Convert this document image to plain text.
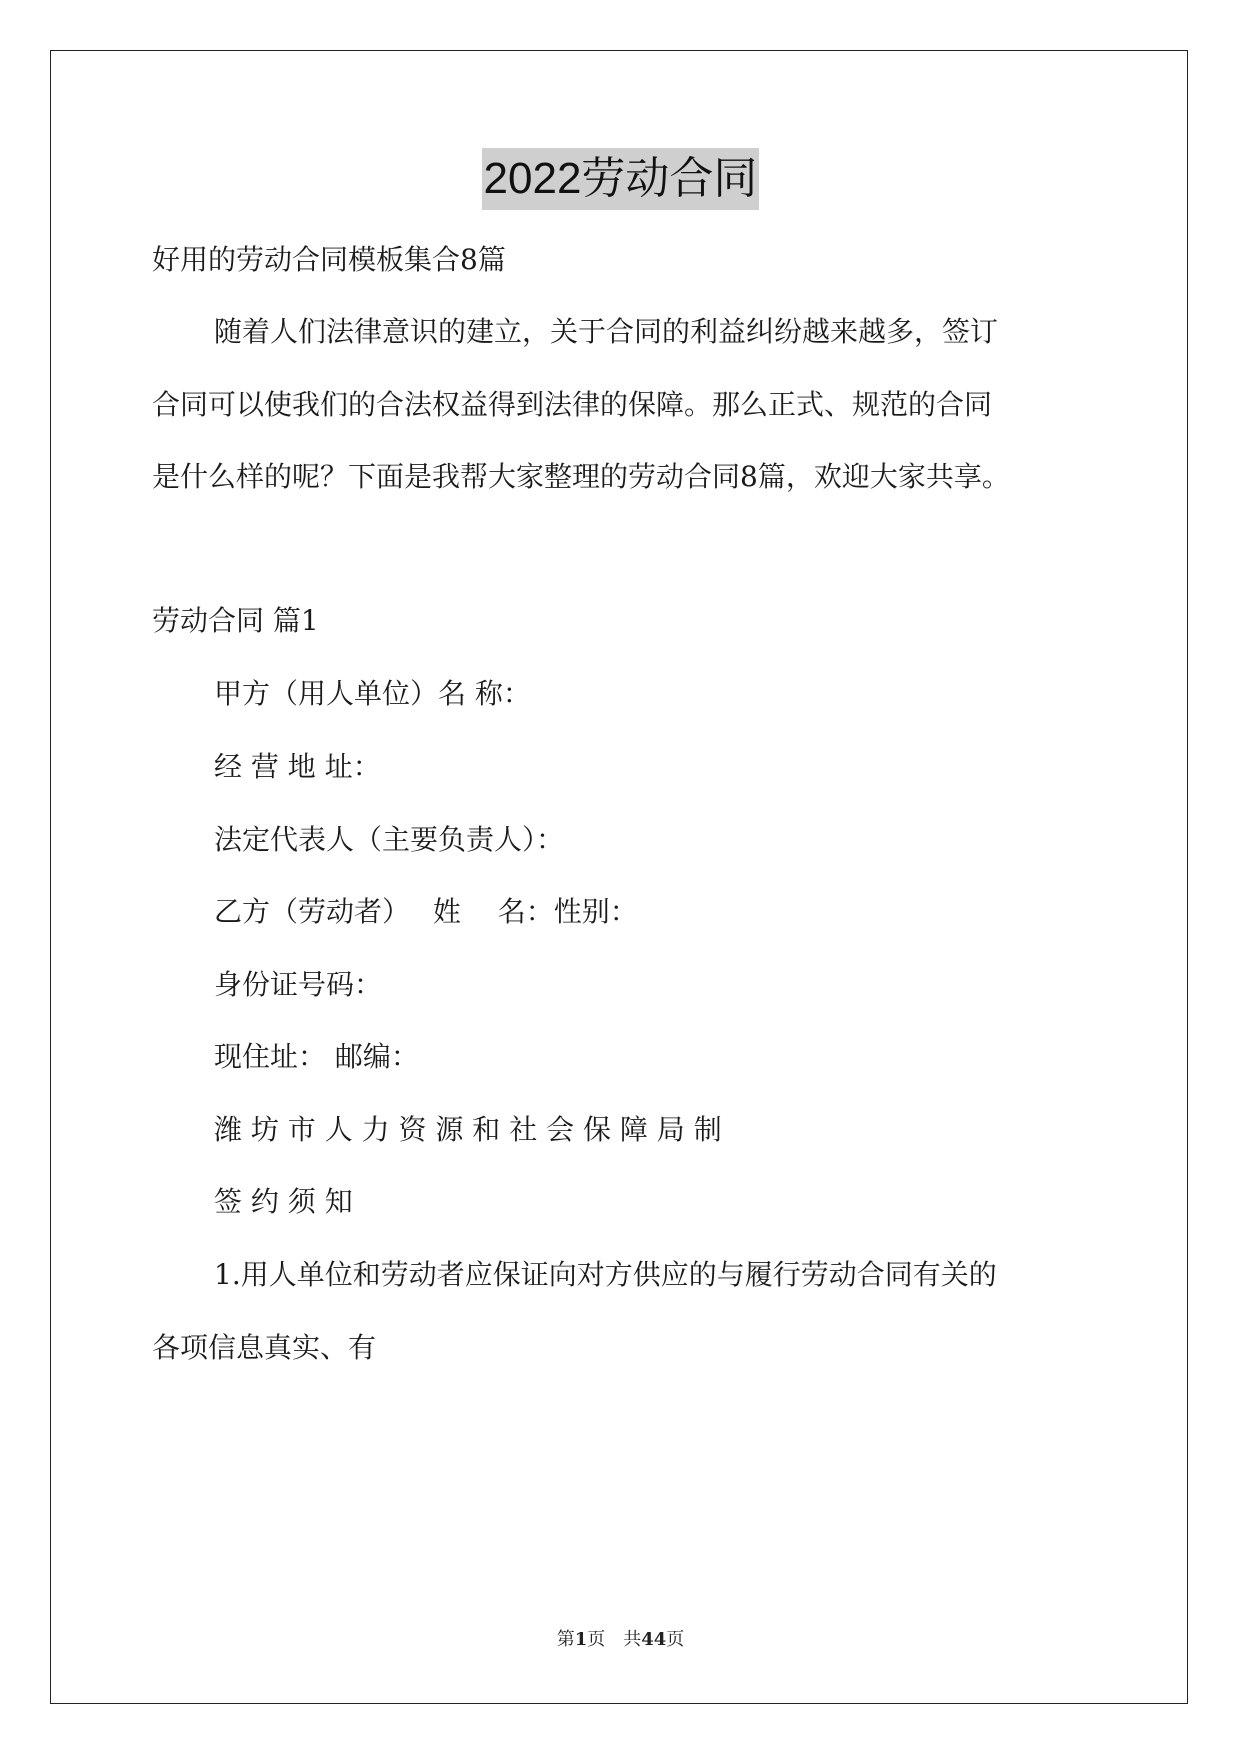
2022劳动合同
好用的劳动合同模板集合8篇
随着人们法律意识的建立，关于合同的利益纠纷越来越多，签订
合同可以使我们的合法权益得到法律的保障。那么正式、规范的合同
是什么样的呢？下面是我帮大家整理的劳动合同8篇，欢迎大家共享。
劳动合同 篇1
甲方（用人单位）名 称：
经 营 地 址：
法定代表人（主要负责人）：
乙方（劳动者）　 姓　 名：性别：
身份证号码：
现住址： 邮编：
潍 坊 市 人 力 资 源 和 社 会 保 障 局 制
签 约 须 知
1.用人单位和劳动者应保证向对方供应的与履行劳动合同有关的
各项信息真实、有
第1页　共44页
